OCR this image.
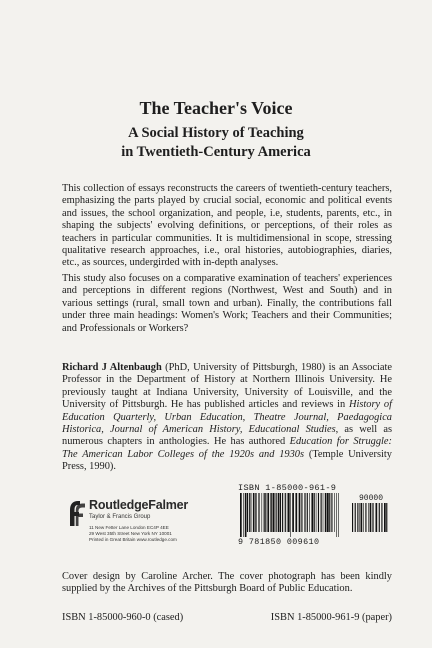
The Teacher's Voice
A Social History of Teaching
in Twentieth-Century America

This collection of essays reconstructs the careers of twentieth-century teachers, emphasizing the parts played by crucial social, economic and political events and issues, the school organization, and people, i.e, students, parents, etc., in shaping the subjects' evolving definitions, or perceptions, of their roles as teachers in particular communities. It is multidimensional in scope, stressing qualitative research approaches, i.e., oral histories, autobiographies, diaries, etc., as sources, undergirded with in-depth analyses.

This study also focuses on a comparative examination of teachers' experiences and perceptions in different regions (Northwest, West and South) and in various settings (rural, small town and urban). Finally, the contributions fall under three main headings: Women's Work; Teachers and their Communities; and Professionals or Workers?

Richard J Altenbaugh (PhD, University of Pittsburgh, 1980) is an Associate Professor in the Department of History at Northern Illinois University. He previously taught at Indiana University, University of Louisville, and the University of Pittsburgh. He has published articles and reviews in History of Education Quarterly, Urban Education, Theatre Journal, Paedagogica Historica, Journal of American History, Educational Studies, as well as numerous chapters in anthologies. He has authored Education for Struggle: The American Labor Colleges of the 1920s and 1930s (Temple University Press, 1990).

RoutledgeFalmer
Taylor & Francis Group
11 New Fetter Lane London EC4P 4EE
29 West 35th Street New York NY 10001
Printed in Great Britain www.routledge.com
ISBN 1-85000-961-9
90000
9 781850 009610

Cover design by Caroline Archer. The cover photograph has been kindly supplied by the Archives of the Pittsburgh Board of Public Education.

ISBN 1-85000-960-0 (cased)	ISBN 1-85000-961-9 (paper)
